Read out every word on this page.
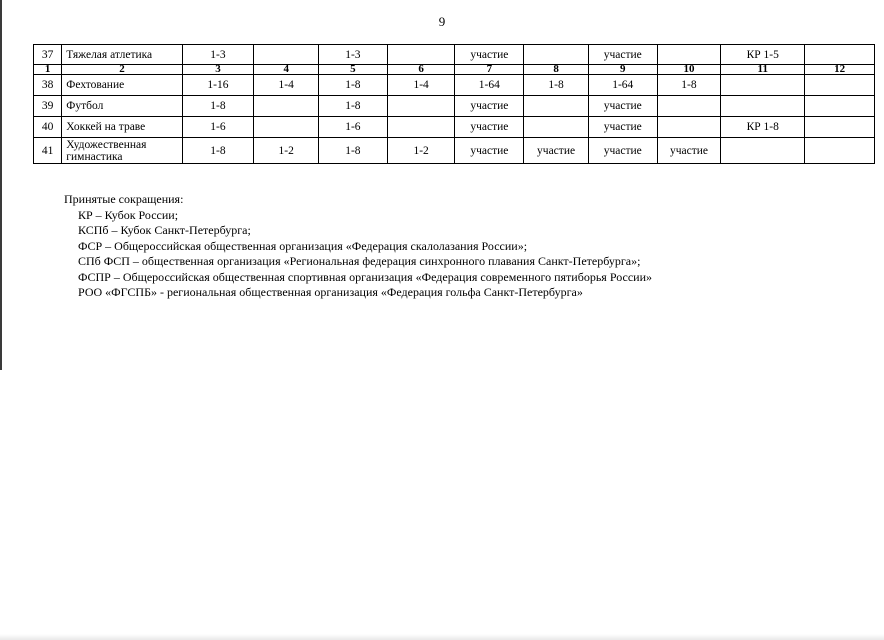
9
37	Тяжелая атлетика	1-3		1-3		участие		участие		КР 1-5	
1	2	3	4	5	6	7	8	9	10	11	12
38	Фехтование	1-16	1-4	1-8	1-4	1-64	1-8	1-64	1-8		
39	Футбол	1-8		1-8		участие		участие			
40	Хоккей на траве	1-6		1-6		участие		участие		КР 1-8	
41	Художественная гимнастика	1-8	1-2	1-8	1-2	участие	участие	участие	участие		
Принятые сокращения:
КР – Кубок России;
КСПб – Кубок Санкт-Петербурга;
ФСР – Общероссийская общественная организация «Федерация скалолазания России»;
СПб ФСП – общественная организация «Региональная федерация синхронного плавания Санкт-Петербурга»;
ФСПР – Общероссийская общественная спортивная организация «Федерация современного пятиборья России»
РОО «ФГСПБ» - региональная общественная организация «Федерация гольфа Санкт-Петербурга»
